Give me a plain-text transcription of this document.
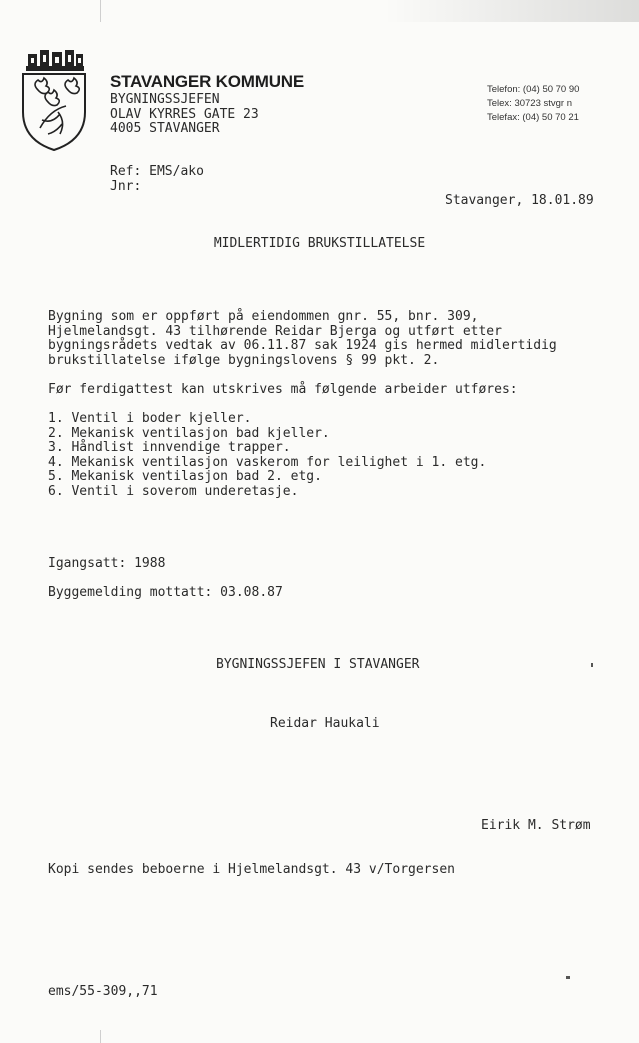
STAVANGER KOMMUNE
BYGNINGSSJEFEN
OLAV KYRRES GATE 23
4005 STAVANGER
Telefon: (04) 50 70 90
Telex: 30723 stvgr n
Telefax: (04) 50 70 21
Ref: EMS/ako
Jnr:
Stavanger, 18.01.89
MIDLERTIDIG BRUKSTILLATELSE
Bygning som er oppført på eiendommen gnr. 55, bnr. 309,
Hjelmelandsgt. 43 tilhørende Reidar Bjerga og utført etter
bygningsrådets vedtak av 06.11.87 sak 1924 gis hermed midlertidig
brukstillatelse ifølge bygningslovens § 99 pkt. 2.
Før ferdigattest kan utskrives må følgende arbeider utføres:
1. Ventil i boder kjeller.
2. Mekanisk ventilasjon bad kjeller.
3. Håndlist innvendige trapper.
4. Mekanisk ventilasjon vaskerom for leilighet i 1. etg.
5. Mekanisk ventilasjon bad 2. etg.
6. Ventil i soverom underetasje.
Igangsatt: 1988
Byggemelding mottatt: 03.08.87
BYGNINGSSJEFEN I STAVANGER
Reidar Haukali
Eirik M. Strøm
Kopi sendes beboerne i Hjelmelandsgt. 43 v/Torgersen
ems/55-309,,71
